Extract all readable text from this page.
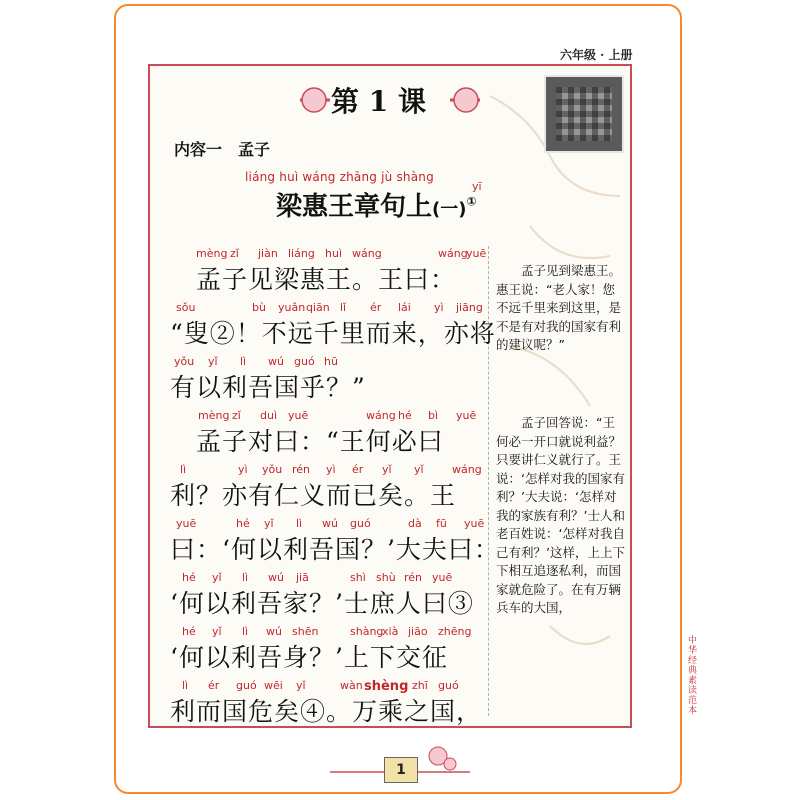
六年级 · 上册
第 1 课
内容一　孟子
liáng huì wáng zhāng jù shàng
yī
梁惠王章句上(一)①
mèng zǐ jiàn liáng huì wáng	wáng
yuē
　孟子见梁惠王。王曰：
sǒu	bù yuǎn qiān lǐ ér lái yì jiāng
“叟②！不远千里而来，亦将
yǒu yǐ lì wú guó hū
有以利吾国乎？”
mèng zǐ duì yuē	wáng hé bì yuē
　孟子对曰：“王何必曰
lì	yì yǒu rén yì ér yǐ yǐ	wáng
利？亦有仁义而已矣。王
yuē	hé yǐ lì wú guó	dà fū yuē
曰：‘何以利吾国？’大夫曰：
hé yǐ lì wú jiā	shì shù rén yuē
‘何以利吾家？’士庶人曰③
hé yǐ lì wú shēn	shàng
xià jiāo zhēng
‘何以利吾身？’上下交征
lì ér guó wēi yǐ	wàn shèng zhī guó
利而国危矣④。万乘之国，
孟子见到梁惠王。惠王说：“老人家！您不远千里来到这里，是不是有对我的国家有利的建议呢？”
孟子回答说：“王何必一开口就说利益？只要讲仁义就行了。王说：‘怎样对我的国家有利？’大夫说：‘怎样对我的家族有利？’士人和老百姓说：‘怎样对我自己有利？’这样，上上下下相互追逐私利，而国家就危险了。在有万辆兵车的大国，
中华经典素读范本
1
